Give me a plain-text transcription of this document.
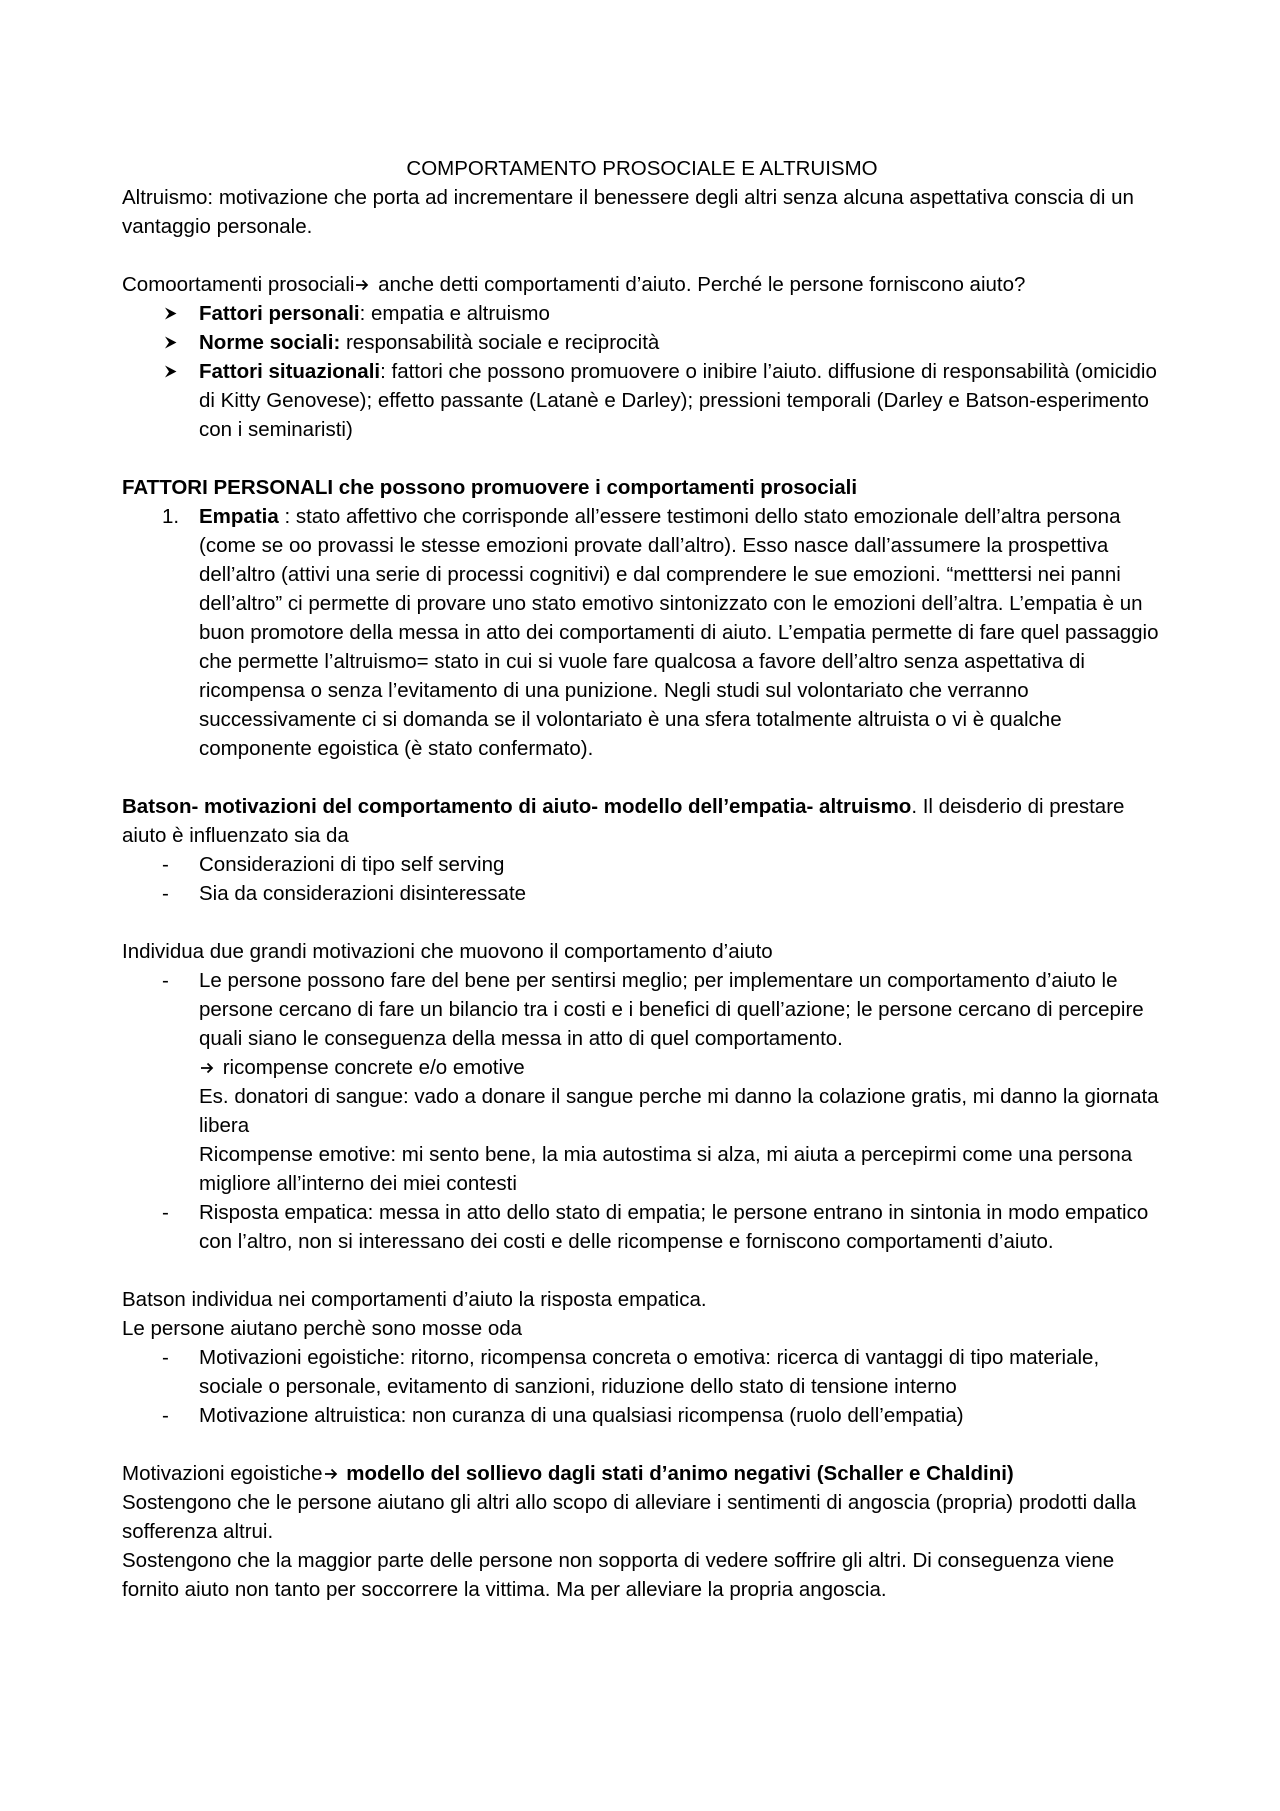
COMPORTAMENTO PROSOCIALE E ALTRUISMO

Altruismo: motivazione che porta ad incrementare il benessere degli altri senza alcuna aspettativa conscia di un vantaggio personale.

Comoortamenti prosociali
anche detti comportamenti d’aiuto. Perché le persone forniscono aiuto?

Fattori personali: empatia e altruismo
Norme sociali: responsabilità sociale e reciprocità
Fattori situazionali: fattori che possono promuovere o inibire l’aiuto. diffusione di responsabilità (omicidio di Kitty Genovese); effetto passante (Latanè e Darley); pressioni temporali (Darley e Batson-esperimento con i seminaristi)

FATTORI PERSONALI che possono promuovere i comportamenti prosociali

1. Empatia : stato affettivo che corrisponde all’essere testimoni dello stato emozionale dell’altra persona (come se oo provassi le stesse emozioni provate dall’altro). Esso nasce dall’assumere la prospettiva dell’altro (attivi una serie di processi cognitivi) e dal comprendere le sue emozioni. “metttersi nei panni dell’altro” ci permette di provare uno stato emotivo sintonizzato con le emozioni dell’altra. L’empatia è un buon promotore della messa in atto dei comportamenti di aiuto. L’empatia permette di fare quel passaggio che permette l’altruismo= stato in cui si vuole fare qualcosa a favore dell’altro senza aspettativa di ricompensa o senza l’evitamento di una punizione. Negli studi sul volontariato che verranno successivamente ci si domanda se il volontariato è una sfera totalmente altruista o vi è qualche componente egoistica (è stato confermato).

Batson- motivazioni del comportamento di aiuto- modello dell’empatia- altruismo. Il deisderio di prestare aiuto è influenzato sia da

- Considerazioni di tipo self serving
- Sia da considerazioni disinteressate

Individua due grandi motivazioni che muovono il comportamento d’aiuto

- Le persone possono fare del bene per sentirsi meglio; per implementare un comportamento d’aiuto le persone cercano di fare un bilancio tra i costi e i benefici di quell’azione; le persone cercano di percepire quali siano le conseguenza della messa in atto di quel comportamento.

ricompense concrete e/o emotive

Es. donatori di sangue: vado a donare il sangue perche mi danno la colazione gratis, mi danno la giornata libera

Ricompense emotive: mi sento bene, la mia autostima si alza, mi aiuta a percepirmi come una persona migliore all’interno dei miei contesti

- Risposta empatica: messa in atto dello stato di empatia; le persone entrano in sintonia in modo empatico con l’altro, non si interessano dei costi e delle ricompense e forniscono comportamenti d’aiuto.

Batson individua nei comportamenti d’aiuto la risposta empatica.

Le persone aiutano perchè sono mosse oda

- Motivazioni egoistiche: ritorno, ricompensa concreta o emotiva: ricerca di vantaggi di tipo materiale, sociale o personale, evitamento di sanzioni, riduzione dello stato di tensione interno
- Motivazione altruistica: non curanza di una qualsiasi ricompensa (ruolo dell’empatia)

Motivazioni egoistiche
modello del sollievo dagli stati d’animo negativi (Schaller e Chaldini)

Sostengono che le persone aiutano gli altri allo scopo di alleviare i sentimenti di angoscia (propria) prodotti dalla sofferenza altrui.

Sostengono che la maggior parte delle persone non sopporta di vedere soffrire gli altri. Di conseguenza viene fornito aiuto non tanto per soccorrere la vittima. Ma per alleviare la propria angoscia.
